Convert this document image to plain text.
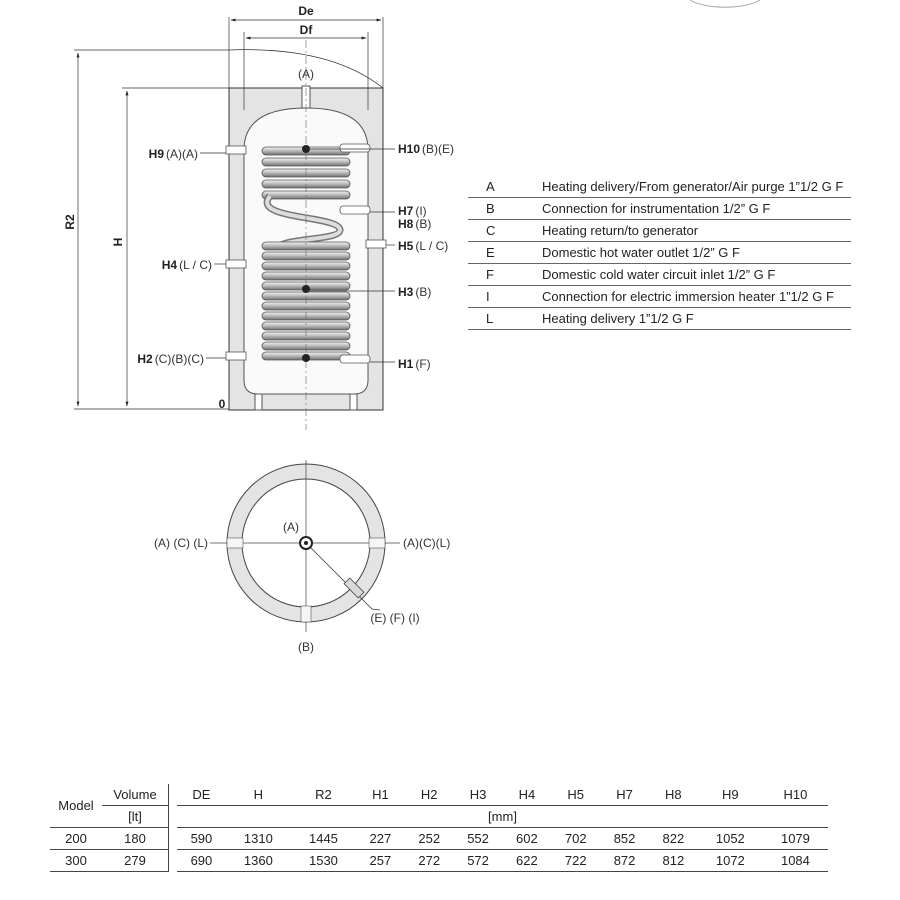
(A)
H10 (B)(E)
H9 (A)(A)
H7 (I)
H8 (B)
H5 (L / C)
H4 (L / C)
H3 (B)
H2 (C)(B)(C)	H1 (F)
De
Df
R2
H
0
(A)
(A) (C) (L)	(A)(C)(L)
(E) (F) (I)
(B)
A	Heating delivery/From generator/Air purge 1”1/2 G F
B	Connection for instrumentation 1/2” G F
C	Heating return/to generator
E	Domestic hot water outlet 1/2” G F
F	Domestic cold water circuit inlet 1/2” G F
I	Connection for electric immersion heater 1”1/2 G F
L	Heating delivery 1”1/2 G F
Model	Volume		DE	H	R2	H1	H2	H3	H4	H5	H7	H8	H9	H10
	[lt]		[mm]											
200	180		590	1310	1445	227	252	552	602	702	852	822	1052	1079
300	279		690	1360	1530	257	272	572	622	722	872	812	1072	1084
